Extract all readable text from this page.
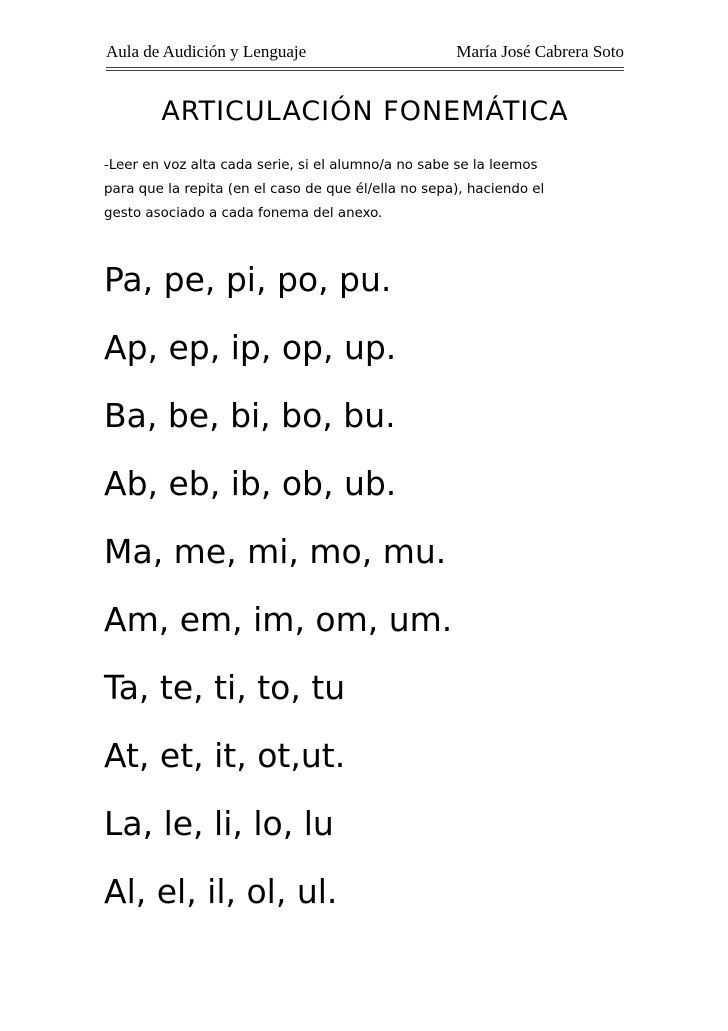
Aula de Audición y Lenguaje	María José Cabrera Soto
ARTICULACIÓN FONEMÁTICA

-Leer en voz alta cada serie, si el alumno/a no sabe se la leemos

para que la repita (en el caso de que él/ella no sepa), haciendo el

gesto asociado a cada fonema del anexo.

Pa, pe, pi, po, pu.
Ap, ep, ip, op, up.
Ba, be, bi, bo, bu.
Ab, eb, ib, ob, ub.
Ma, me, mi, mo, mu.
Am, em, im, om, um.
Ta, te, ti, to, tu
At, et, it, ot,ut.
La, le, li, lo, lu
Al, el, il, ol, ul.
